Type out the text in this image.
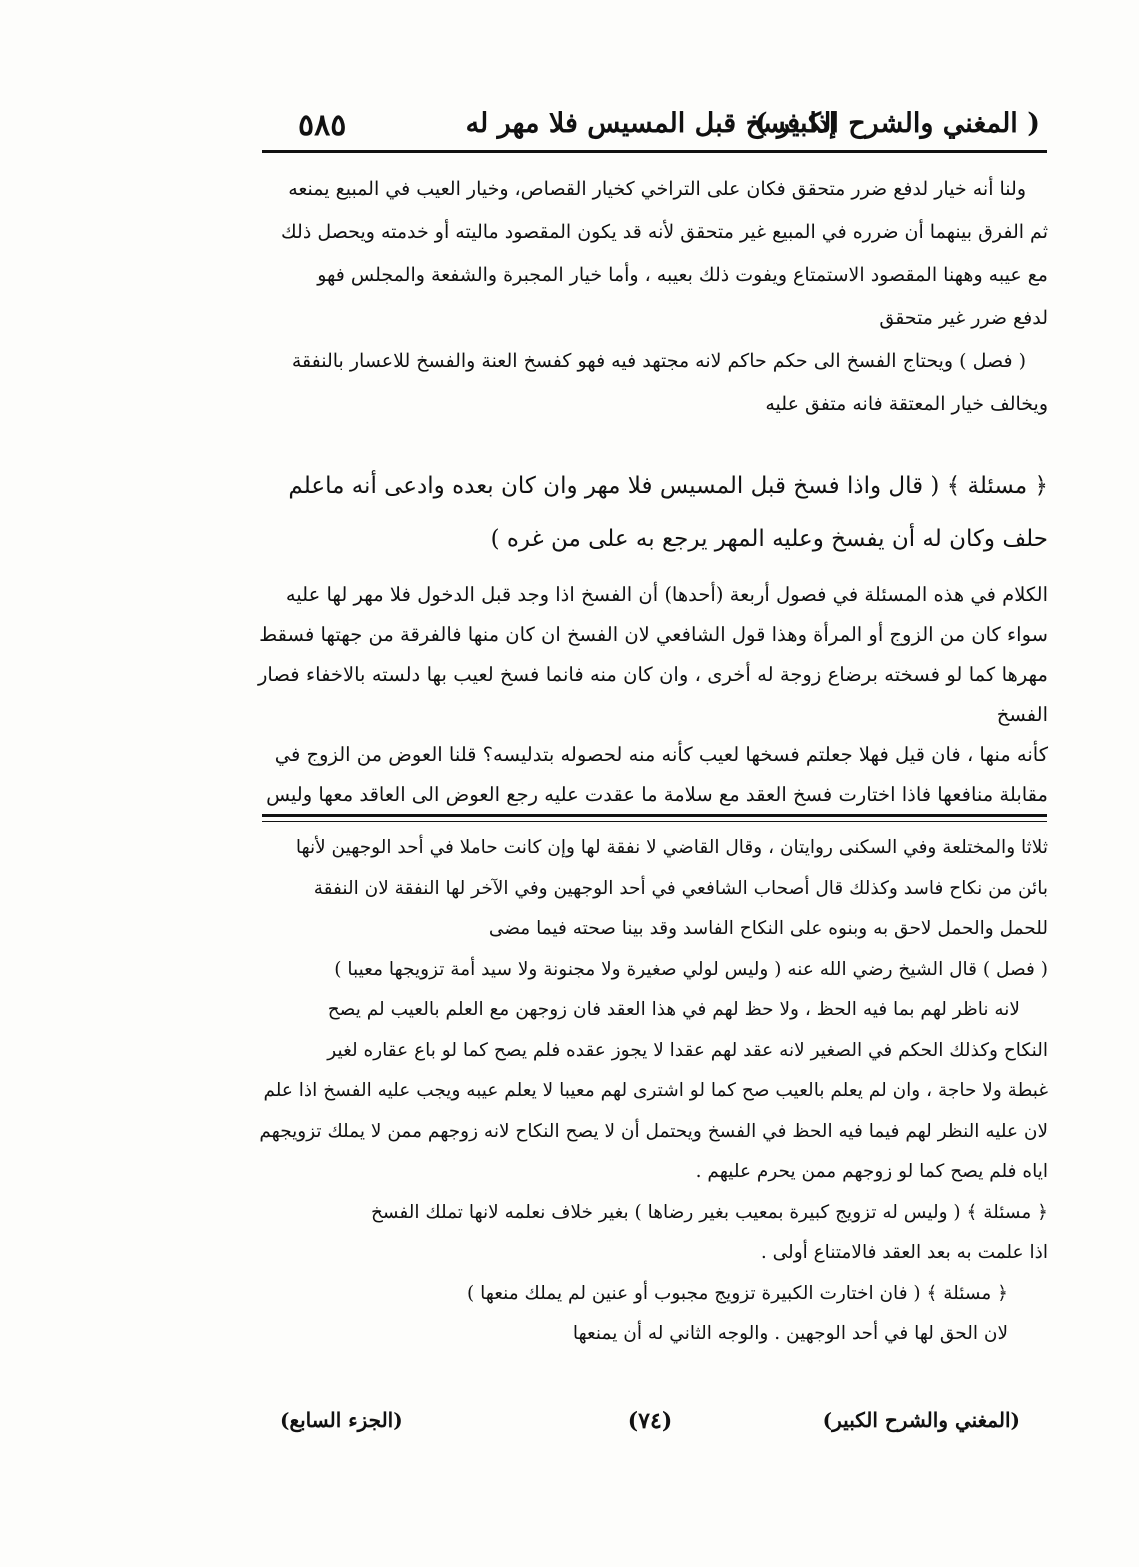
( المغني والشرح الكبير )
إذا فسخ قبل المسيس فلا مهر له
٥٨٥

ولنا أنه خيار لدفع ضرر متحقق فكان على التراخي كخيار القصاص، وخيار العيب في المبيع يمنعه

ثم الفرق بينهما أن ضرره في المبيع غير متحقق لأنه قد يكون المقصود ماليته أو خدمته ويحصل ذلك

مع عيبه وههنا المقصود الاستمتاع ويفوت ذلك بعيبه ، وأما خيار المجبرة والشفعة والمجلس فهو

لدفع ضرر غير متحقق

( فصل ) ويحتاج الفسخ الى حكم حاكم لانه مجتهد فيه فهو كفسخ العنة والفسخ للاعسار بالنفقة

ويخالف خيار المعتقة فانه متفق عليه

﴿ مسئلة ﴾ ( قال واذا فسخ قبل المسيس فلا مهر وان كان بعده وادعى أنه ماعلم

حلف وكان له أن يفسخ وعليه المهر يرجع به على من غره )

الكلام في هذه المسئلة في فصول أربعة (أحدها) أن الفسخ اذا وجد قبل الدخول فلا مهر لها عليه

سواء كان من الزوج أو المرأة وهذا قول الشافعي لان الفسخ ان كان منها فالفرقة من جهتها فسقط

مهرها كما لو فسخته برضاع زوجة له أخرى ، وان كان منه فانما فسخ لعيب بها دلسته بالاخفاء فصار الفسخ

كأنه منها ، فان قيل فهلا جعلتم فسخها لعيب كأنه منه لحصوله بتدليسه؟ قلنا العوض من الزوج في

مقابلة منافعها فاذا اختارت فسخ العقد مع سلامة ما عقدت عليه رجع العوض الى العاقد معها وليس

ثلاثا والمختلعة وفي السكنى روايتان ، وقال القاضي لا نفقة لها وإن كانت حاملا في أحد الوجهين لأنها

بائن من نكاح فاسد وكذلك قال أصحاب الشافعي في أحد الوجهين وفي الآخر لها النفقة لان النفقة

للحمل والحمل لاحق به وبنوه على النكاح الفاسد وقد بينا صحته فيما مضى

( فصل ) قال الشيخ رضي الله عنه ( وليس لولي صغيرة ولا مجنونة ولا سيد أمة تزويجها معيبا )

لانه ناظر لهم بما فيه الحظ ، ولا حظ لهم في هذا العقد فان زوجهن مع العلم بالعيب لم يصح

النكاح وكذلك الحكم في الصغير لانه عقد لهم عقدا لا يجوز عقده فلم يصح كما لو باع عقاره لغير

غبطة ولا حاجة ، وان لم يعلم بالعيب صح كما لو اشترى لهم معيبا لا يعلم عيبه ويجب عليه الفسخ اذا علم

لان عليه النظر لهم فيما فيه الحظ في الفسخ ويحتمل أن لا يصح النكاح لانه زوجهم ممن لا يملك تزويجهم

اياه فلم يصح كما لو زوجهم ممن يحرم عليهم .

﴿ مسئلة ﴾ ( وليس له تزويج كبيرة بمعيب بغير رضاها ) بغير خلاف نعلمه لانها تملك الفسخ

اذا علمت به بعد العقد فالامتناع أولى .

﴿ مسئلة ﴾ ( فان اختارت الكبيرة تزويج مجبوب أو عنين لم يملك منعها )

لان الحق لها في أحد الوجهين . والوجه الثاني له أن يمنعها

(المغني والشرح الكبير)
(٧٤)
(الجزء السابع)
